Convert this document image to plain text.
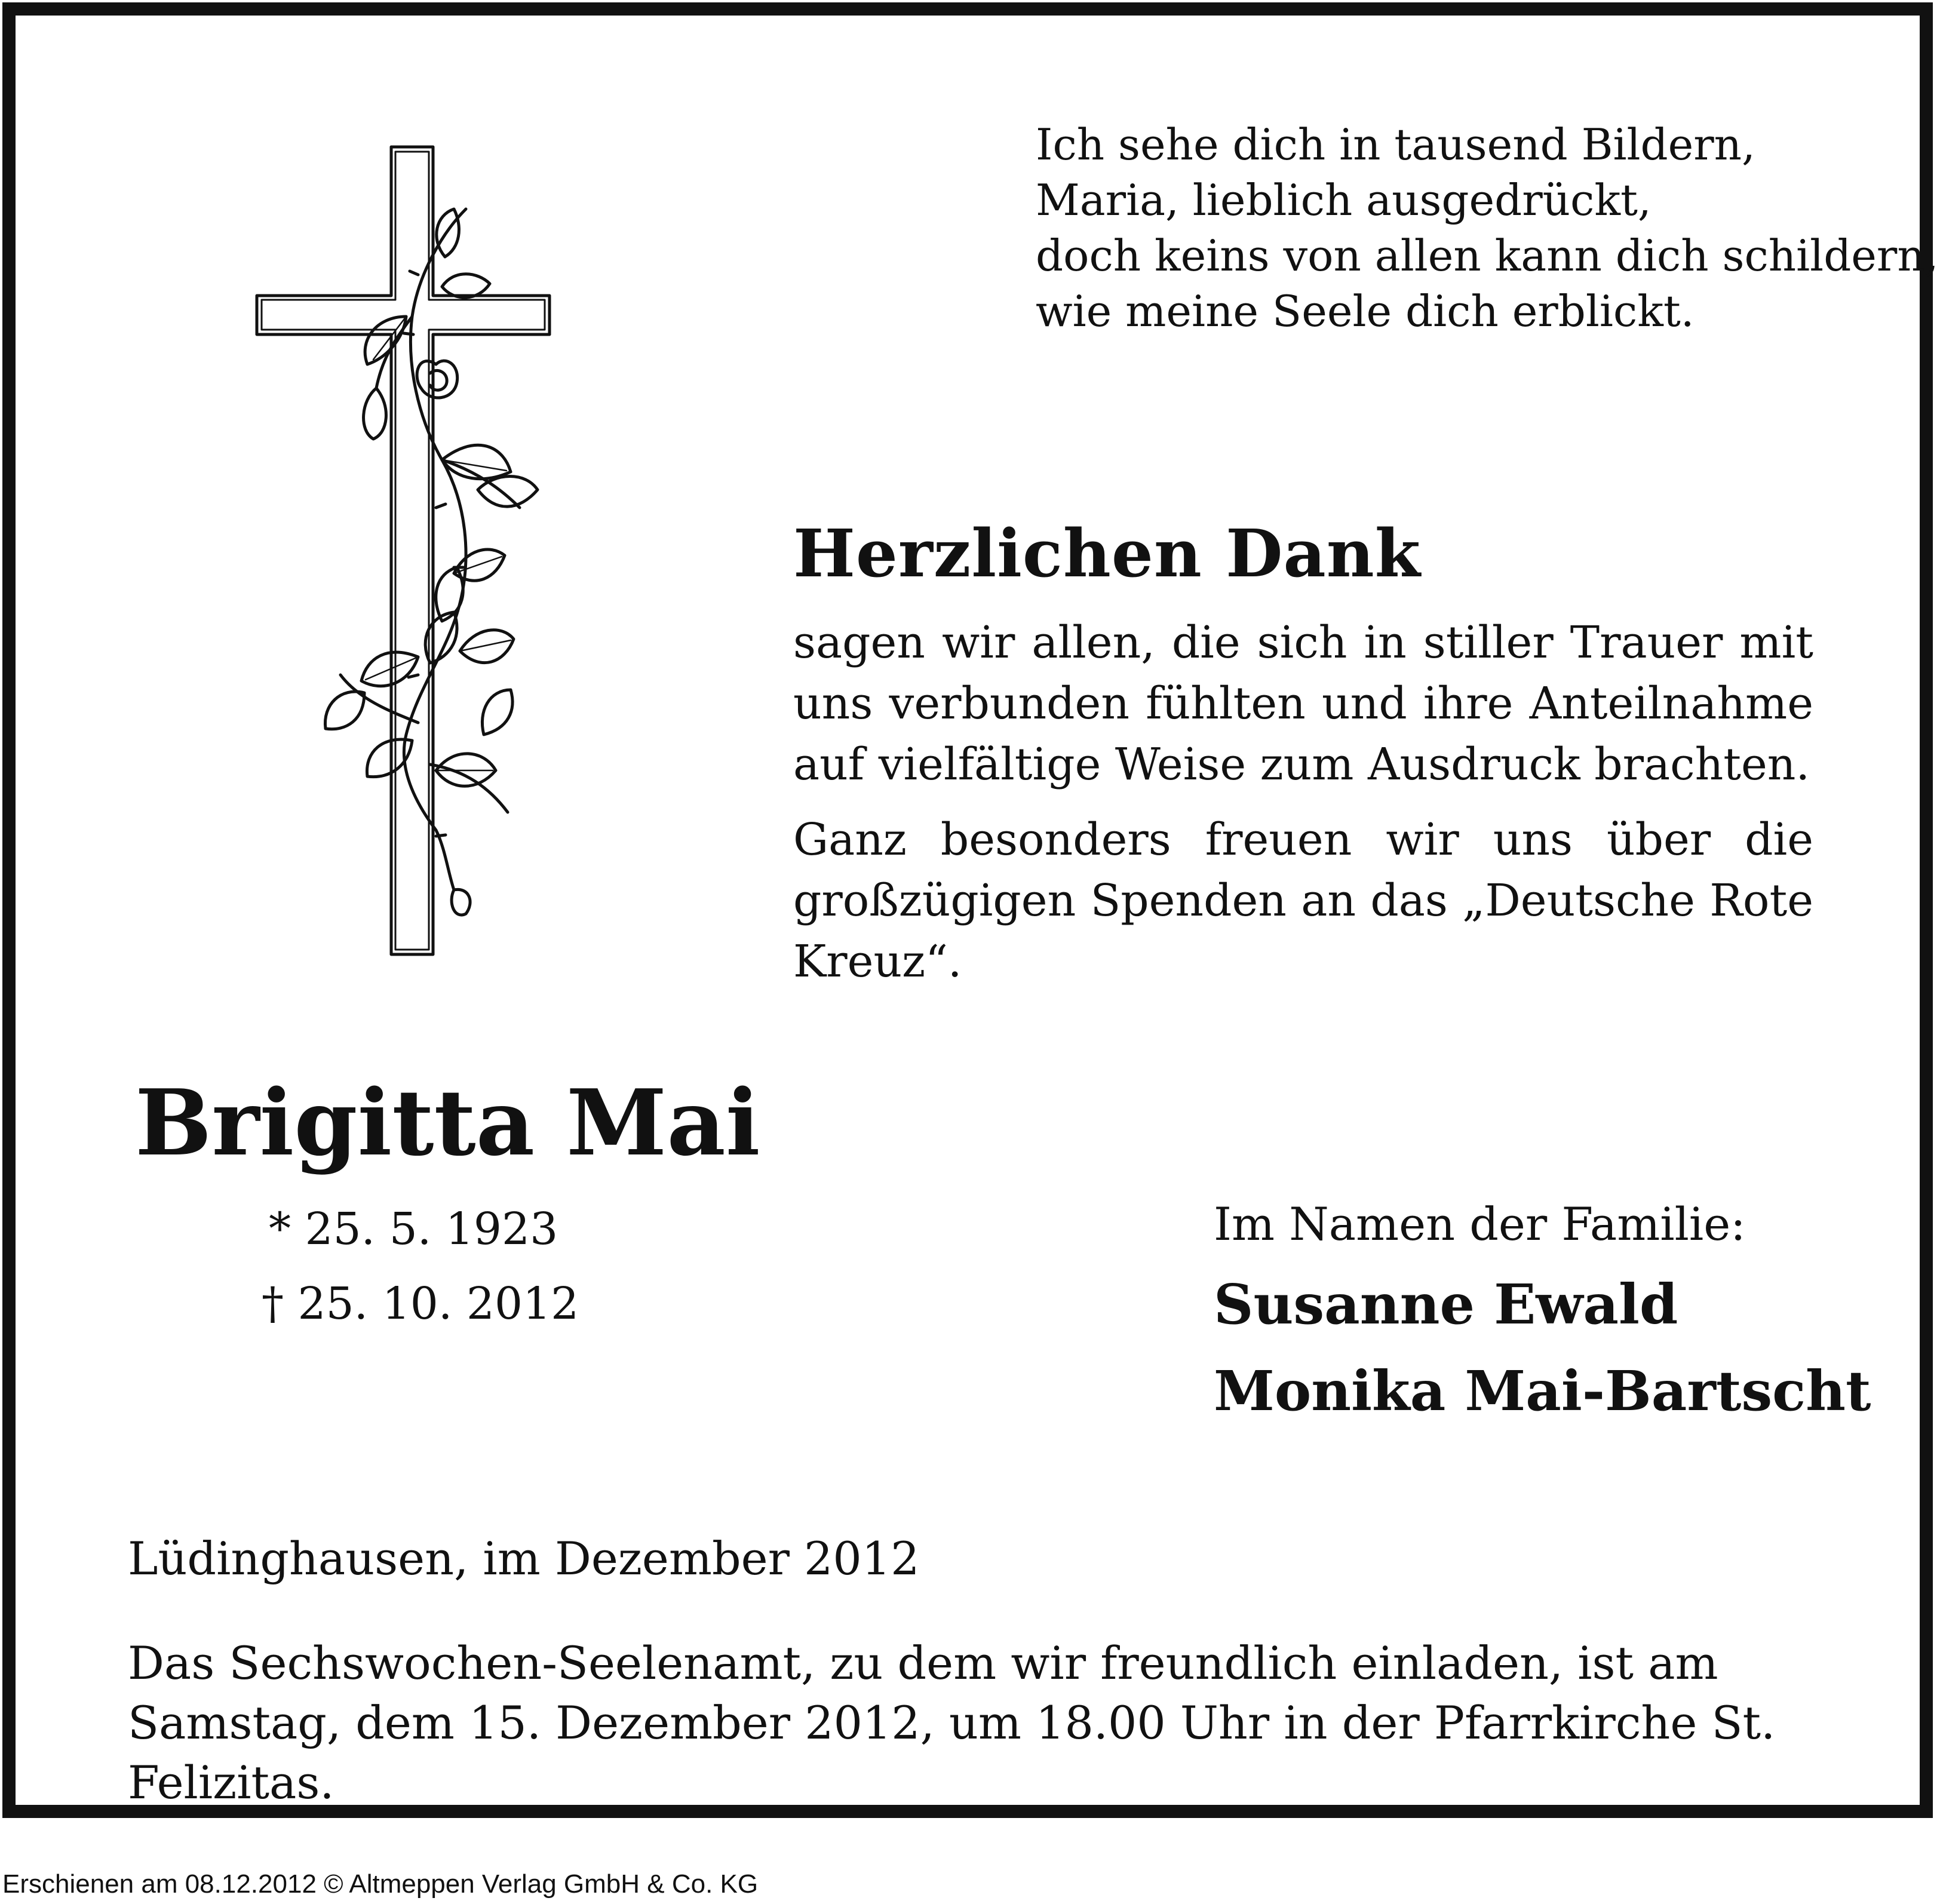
Ich sehe dich in tausend Bildern,
Maria, lieblich ausgedrückt,
doch keins von allen kann dich schildern,
wie meine Seele dich erblickt.
Herzlichen Dank
sagen wir allen, die sich in stiller Trauer mit uns verbunden fühlten und ihre Anteilnahme auf vielfältige Weise zum Ausdruck brachten.
Ganz besonders freuen wir uns über die großzügigen Spenden an das „Deutsche Rote Kreuz“.
Brigitta Mai
* 25. 5. 1923
† 25. 10. 2012
Im Namen der Familie:
Susanne Ewald
Monika Mai-Bartscht
Lüdinghausen, im Dezember 2012
Das Sechswochen-Seelenamt, zu dem wir freundlich einladen, ist am Samstag, dem 15. Dezember 2012, um 18.00 Uhr in der Pfarrkirche St. Felizitas.
Erschienen am 08.12.2012 © Altmeppen Verlag GmbH & Co. KG
